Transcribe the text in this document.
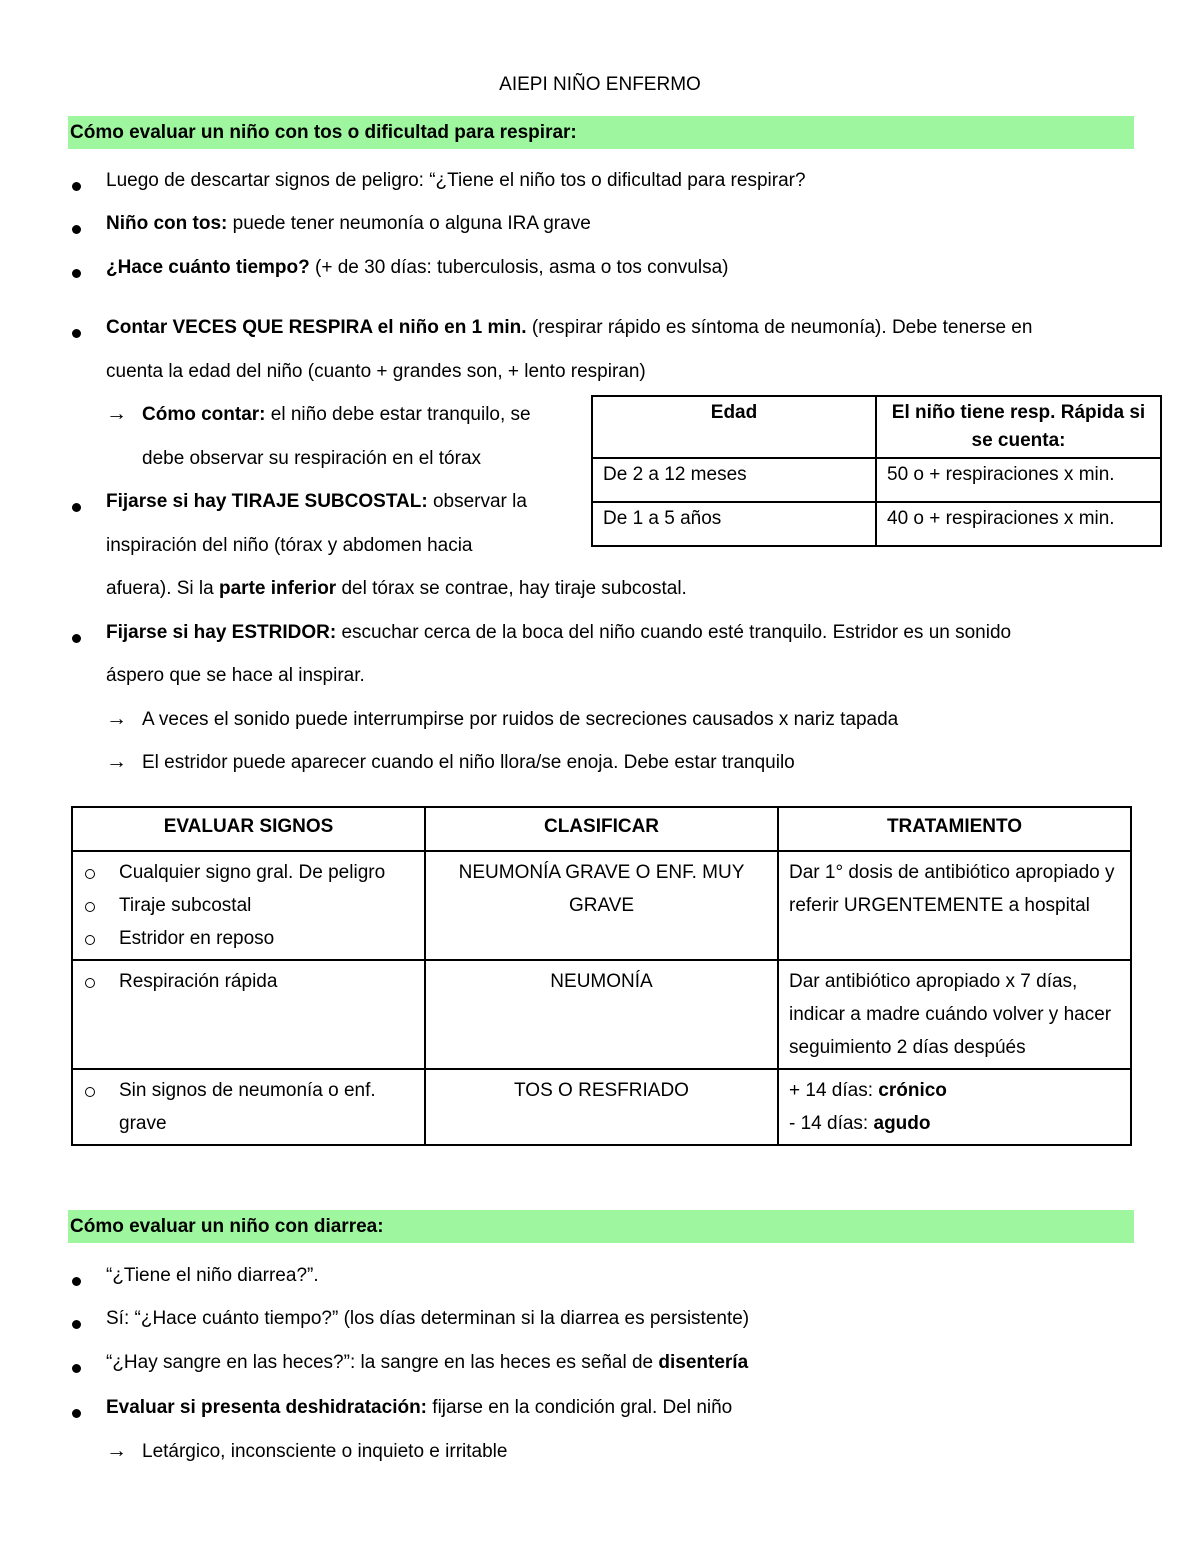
AIEPI NIÑO ENFERMO
Cómo evaluar un niño con tos o dificultad para respirar:
Luego de descartar signos de peligro: “¿Tiene el niño tos o dificultad para respirar?
Niño con tos: puede tener neumonía o alguna IRA grave
¿Hace cuánto tiempo? (+ de 30 días: tuberculosis, asma o tos convulsa)
Contar VECES QUE RESPIRA el niño en 1 min. (respirar rápido es síntoma de neumonía). Debe tenerse en
cuenta la edad del niño (cuanto + grandes son, + lento respiran)
→ Cómo contar: el niño debe estar tranquilo, se
debe observar su respiración en el tórax
Edad	El niño tiene resp. Rápida si se cuenta:
De 2 a 12 meses	50 o + respiraciones x min.
De 1 a 5 años	40 o + respiraciones x min.
Fijarse si hay TIRAJE SUBCOSTAL: observar la
inspiración del niño (tórax y abdomen hacia
afuera). Si la parte inferior del tórax se contrae, hay tiraje subcostal.
Fijarse si hay ESTRIDOR: escuchar cerca de la boca del niño cuando esté tranquilo. Estridor es un sonido
áspero que se hace al inspirar.
→ A veces el sonido puede interrumpirse por ruidos de secreciones causados x nariz tapada
→ El estridor puede aparecer cuando el niño llora/se enoja. Debe estar tranquilo
EVALUAR SIGNOS	CLASIFICAR	TRATAMIENTO

Cualquier signo gral. De peligro
Tiraje subcostal
Estridor en reposo	NEUMONÍA GRAVE O ENF. MUY GRAVE	Dar 1° dosis de antibiótico apropiado y referir URGENTEMENTE a hospital

Respiración rápida	NEUMONÍA	Dar antibiótico apropiado x 7 días, indicar a madre cuándo volver y hacer seguimiento 2 días despúés

Sin signos de neumonía o enf. grave	TOS O RESFRIADO	+ 14 días: crónico
- 14 días: agudo
Cómo evaluar un niño con diarrea:
“¿Tiene el niño diarrea?”.
Sí: “¿Hace cuánto tiempo?” (los días determinan si la diarrea es persistente)
“¿Hay sangre en las heces?”: la sangre en las heces es señal de disentería
Evaluar si presenta deshidratación: fijarse en la condición gral. Del niño
→ Letárgico, inconsciente o inquieto e irritable
